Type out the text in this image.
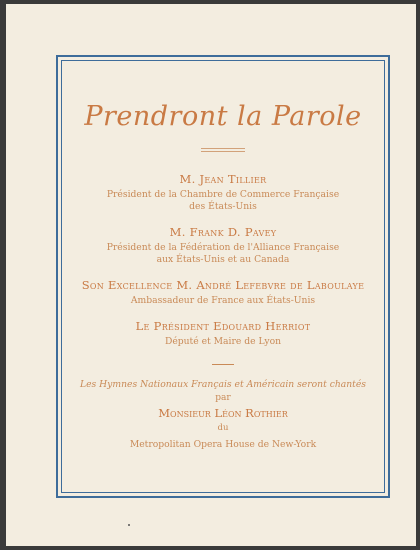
Prendront la Parole
M. Jean Tillier
Président de la Chambre de Commerce Française
des États-Unis
M. Frank D. Pavey
Président de la Fédération de l'Alliance Française
aux États-Unis et au Canada
Son Excellence M. André Lefebvre de Laboulaye
Ambassadeur de France aux États-Unis
Le Président Edouard Herriot
Député et Maire de Lyon
Les Hymnes Nationaux Français et Américain seront chantés
par
Monsieur Léon Rothier
du
Metropolitan Opera House de New-York
